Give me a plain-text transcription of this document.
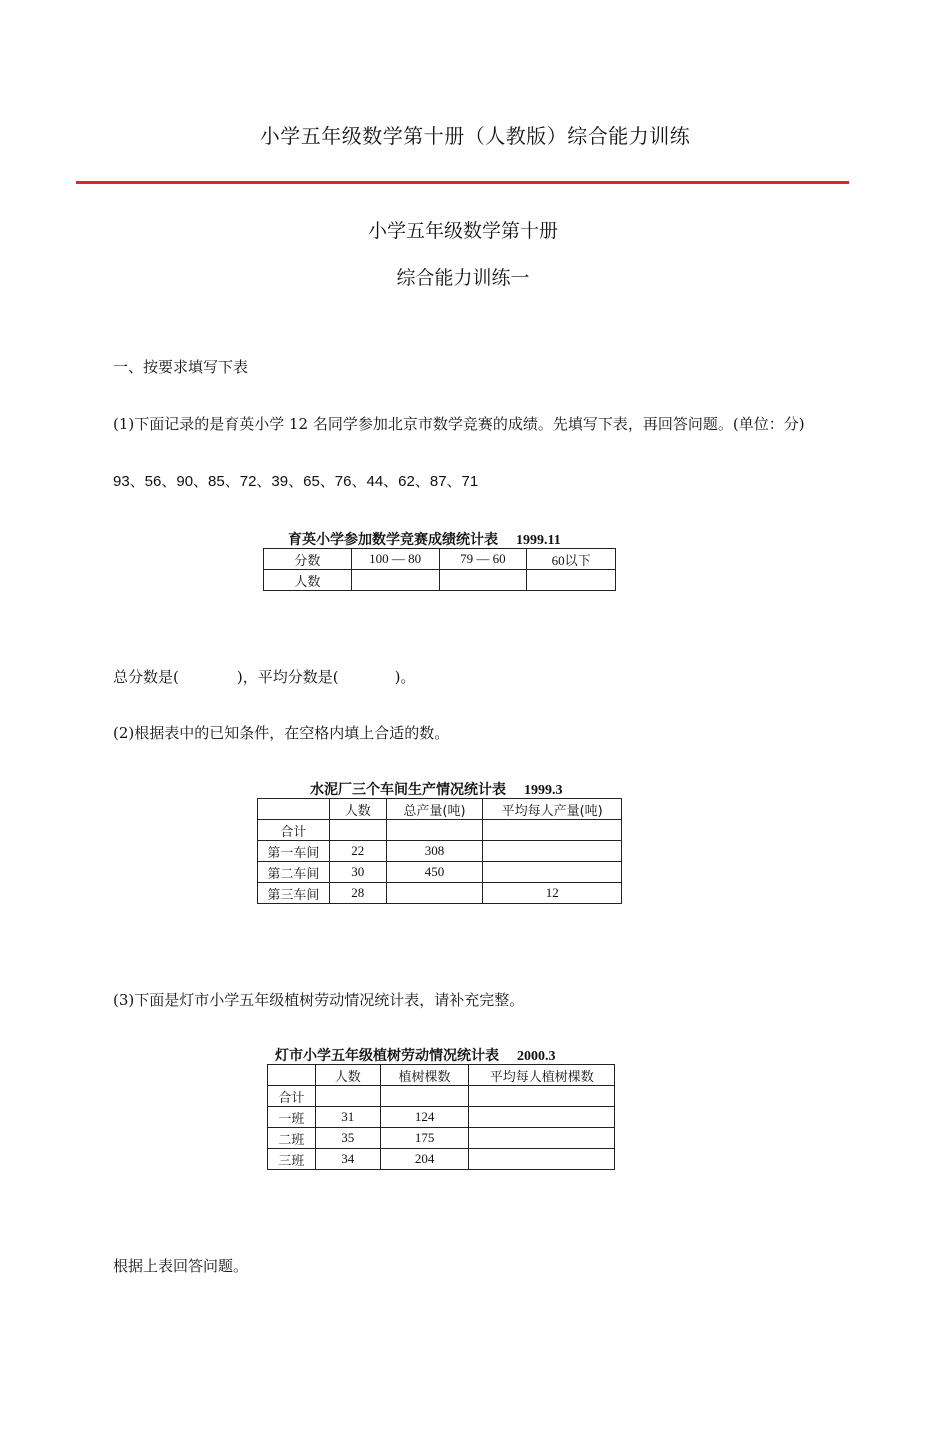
小学五年级数学第十册（人教版）综合能力训练
小学五年级数学第十册
综合能力训练一
一、按要求填写下表
(1)下面记录的是育英小学 12 名同学参加北京市数学竞赛的成绩。先填写下表，再回答问题。(单位：分)
93、56、90、85、72、39、65、76、44、62、87、71
育英小学参加数学竞赛成绩统计表 1999.11
分数	100 — 80	79 — 60	60以下
人数			
总分数是(	)，平均分数是(	)。
(2)根据表中的已知条件，在空格内填上合适的数。
水泥厂三个车间生产情况统计表 1999.3
	人数	总产量(吨)	平均每人产量(吨)
合计			
第一车间	22	308	
第二车间	30	450	
第三车间	28		12
(3)下面是灯市小学五年级植树劳动情况统计表，请补充完整。
灯市小学五年级植树劳动情况统计表 2000.3
	人数	植树棵数	平均每人植树棵数
合计			
一班	31	124	
二班	35	175	
三班	34	204	
根据上表回答问题。
